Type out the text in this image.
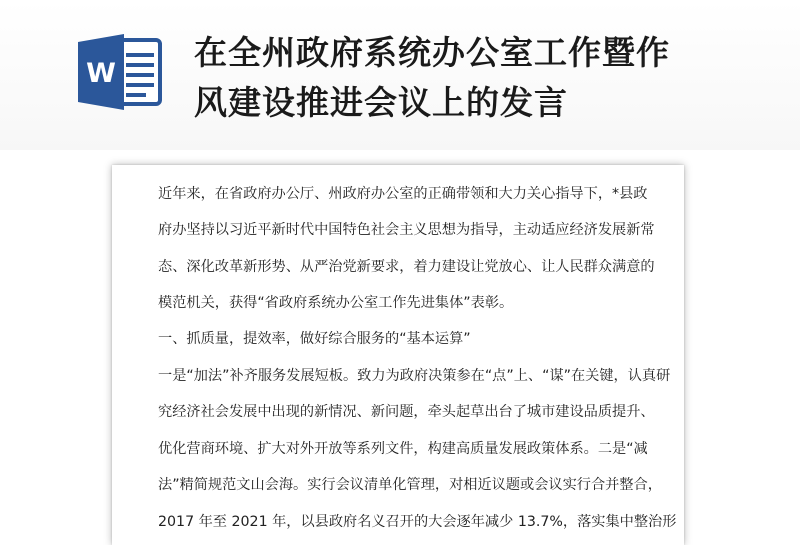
W
在全州政府系统办公室工作暨作
风建设推进会议上的发言
近年来，在省政府办公厅、州政府办公室的正确带领和大力关心指导下，*县政
府办坚持以习近平新时代中国特色社会主义思想为指导，主动适应经济发展新常
态、深化改革新形势、从严治党新要求，着力建设让党放心、让人民群众满意的
模范机关，获得“省政府系统办公室工作先进集体”表彰。
一、抓质量，提效率，做好综合服务的“基本运算”
一是“加法”补齐服务发展短板。致力为政府决策参在“点”上、“谋”在关键，认真研
究经济社会发展中出现的新情况、新问题，牵头起草出台了城市建设品质提升、
优化营商环境、扩大对外开放等系列文件，构建高质量发展政策体系。二是“减
法”精简规范文山会海。实行会议清单化管理，对相近议题或会议实行合并整合，
2017 年至 2021 年，以县政府名义召开的大会逐年减少 13.7%，落实集中整治形
